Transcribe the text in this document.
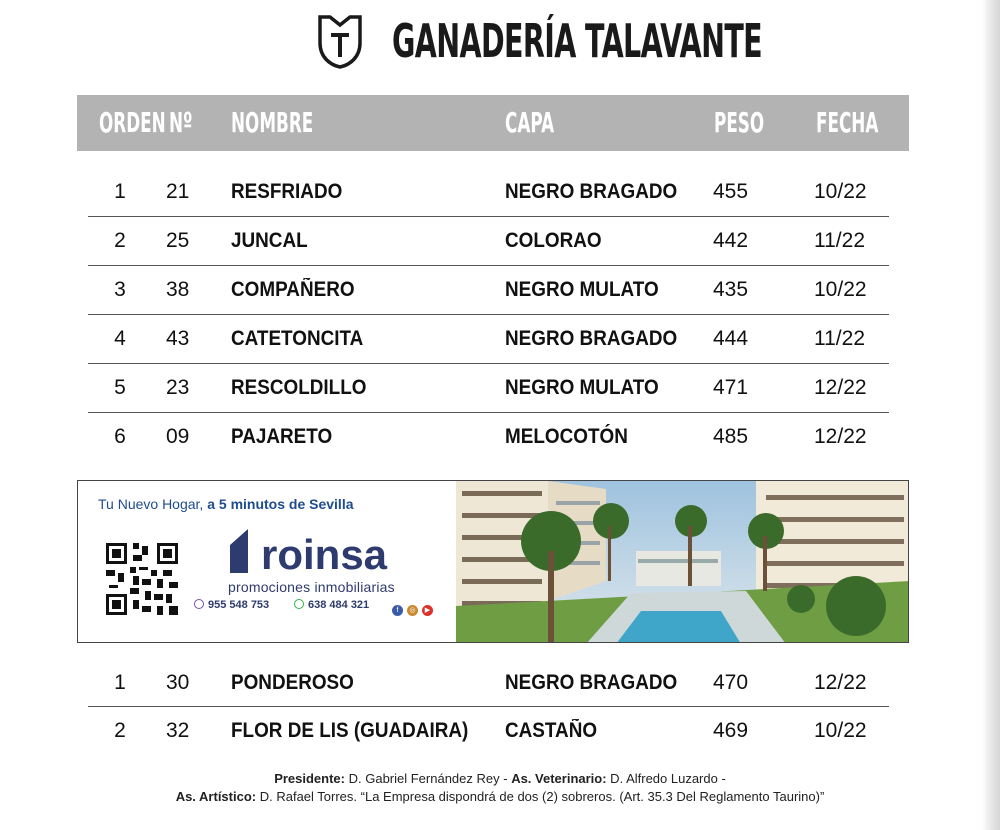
GANADERÍA TALAVANTE
ORDEN Nº NOMBRE	CAPA	PESO FECHA
1 21 RESFRIADO	NEGRO BRAGADO 455	10/22
2 25 JUNCAL	COLORAO	442	11/22
3 38 COMPAÑERO	NEGRO MULATO	435	10/22
4 43 CATETONCITA	NEGRO BRAGADO 444	11/22
5 23 RESCOLDILLO	NEGRO MULATO	471	12/22
6 09 PAJARETO	MELOCOTÓN	485	12/22
Tu Nuevo Hogar, a 5 minutos de Sevilla
roinsa
promociones inmobiliarias
955 548 753	638 484 321	f ◎ ▶
1 30 PONDEROSO	NEGRO BRAGADO 470	12/22
2 32 FLOR DE LIS (GUADAIRA) CASTAÑO	469	10/22
Presidente: D. Gabriel Fernández Rey - As. Veterinario: D. Alfredo Luzardo -
As. Artístico: D. Rafael Torres. “La Empresa dispondrá de dos (2) sobreros. (Art. 35.3 Del Reglamento Taurino)”
